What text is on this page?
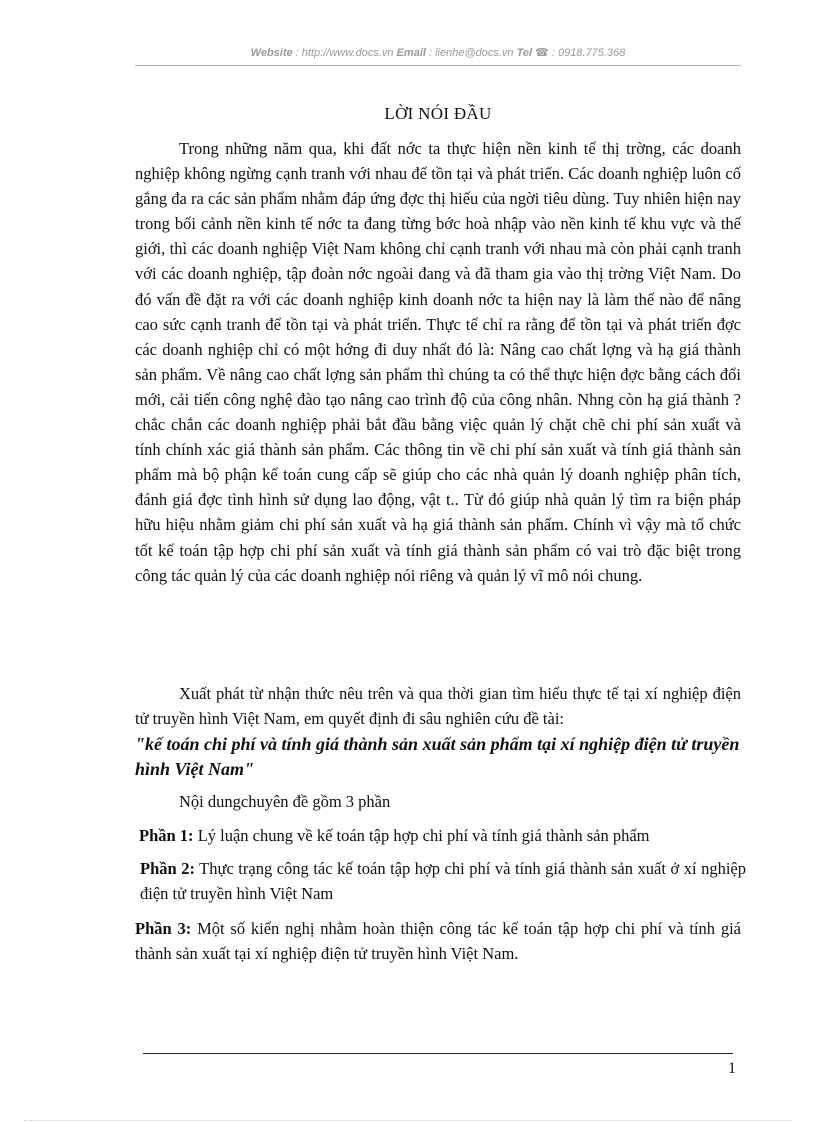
Website : http://www.docs.vn Email : lienhe@docs.vn Tel ☎ : 0918.775.368
LỜI NÓI ĐẦU

Trong những năm qua, khi đất nớc ta thực hiện nền kinh tế thị trờng, các doanh nghiệp không ngừng cạnh tranh với nhau để tồn tại và phát triển. Các doanh nghiệp luôn cố gắng đa ra các sản phẩm nhằm đáp ứng đợc thị hiếu của ngời tiêu dùng. Tuy nhiên hiện nay trong bối cảnh nền kinh tế nớc ta đang từng bớc hoà nhập vào nền kinh tế khu vực và thế giới, thì các doanh nghiệp Việt Nam không chỉ cạnh tranh với nhau mà còn phải cạnh tranh với các doanh nghiệp, tập đoàn nớc ngoài đang và đã tham gia vào thị trờng Việt Nam. Do đó vấn đề đặt ra với các doanh nghiệp kinh doanh nớc ta hiện nay là làm thế nào để nâng cao sức cạnh tranh để tồn tại và phát triển. Thực tế chỉ ra rằng để tồn tại và phát triển đợc các doanh nghiệp chỉ có một hớng đi duy nhất đó là: Nâng cao chất lợng và hạ giá thành sản phẩm. Về nâng cao chất lợng sản phẩm thì chúng ta có thể thực hiện đợc bằng cách đổi mới, cải tiến công nghệ đào tạo nâng cao trình độ của công nhân. Nhng còn hạ giá thành ? chắc chắn các doanh nghiệp phải bắt đầu bằng việc quản lý chặt chẽ chi phí sản xuất và tính chính xác giá thành sản phẩm. Các thông tin về chi phí sản xuất và tính giá thành sản phẩm mà bộ phận kế toán cung cấp sẽ giúp cho các nhà quản lý doanh nghiệp phân tích, đánh giá đợc tình hình sử dụng lao động, vật t.. Từ đó giúp nhà quản lý tìm ra biện pháp hữu hiệu nhằm giảm chi phí sản xuất và hạ giá thành sản phẩm. Chính vì vậy mà tổ chức tốt kế toán tập hợp chi phí sản xuất và tính giá thành sản phẩm có vai trò đặc biệt trong công tác quản lý của các doanh nghiệp nói riêng và quản lý vĩ mô nói chung.

Xuất phát từ nhận thức nêu trên và qua thời gian tìm hiểu thực tế tại xí nghiệp điện tử truyền hình Việt Nam, em quyết định đi sâu nghiên cứu đề tài:

"kế toán chi phí và tính giá thành sản xuất sản phẩm tại xí nghiệp điện tử truyền hình Việt Nam"

Nội dungchuyên đề gồm 3 phần

Phần 1: Lý luận chung về kế toán tập hợp chi phí và tính giá thành sản phẩm

Phần 2: Thực trạng công tác kế toán tập hợp chi phí và tính giá thành sản xuất ở xí nghiệp điện tử truyền hình Việt Nam

Phần 3: Một số kiến nghị nhằm hoàn thiện công tác kế toán tập hợp chi phí và tính giá thành sản xuất tại xí nghiệp điện tử truyền hình Việt Nam.

1
